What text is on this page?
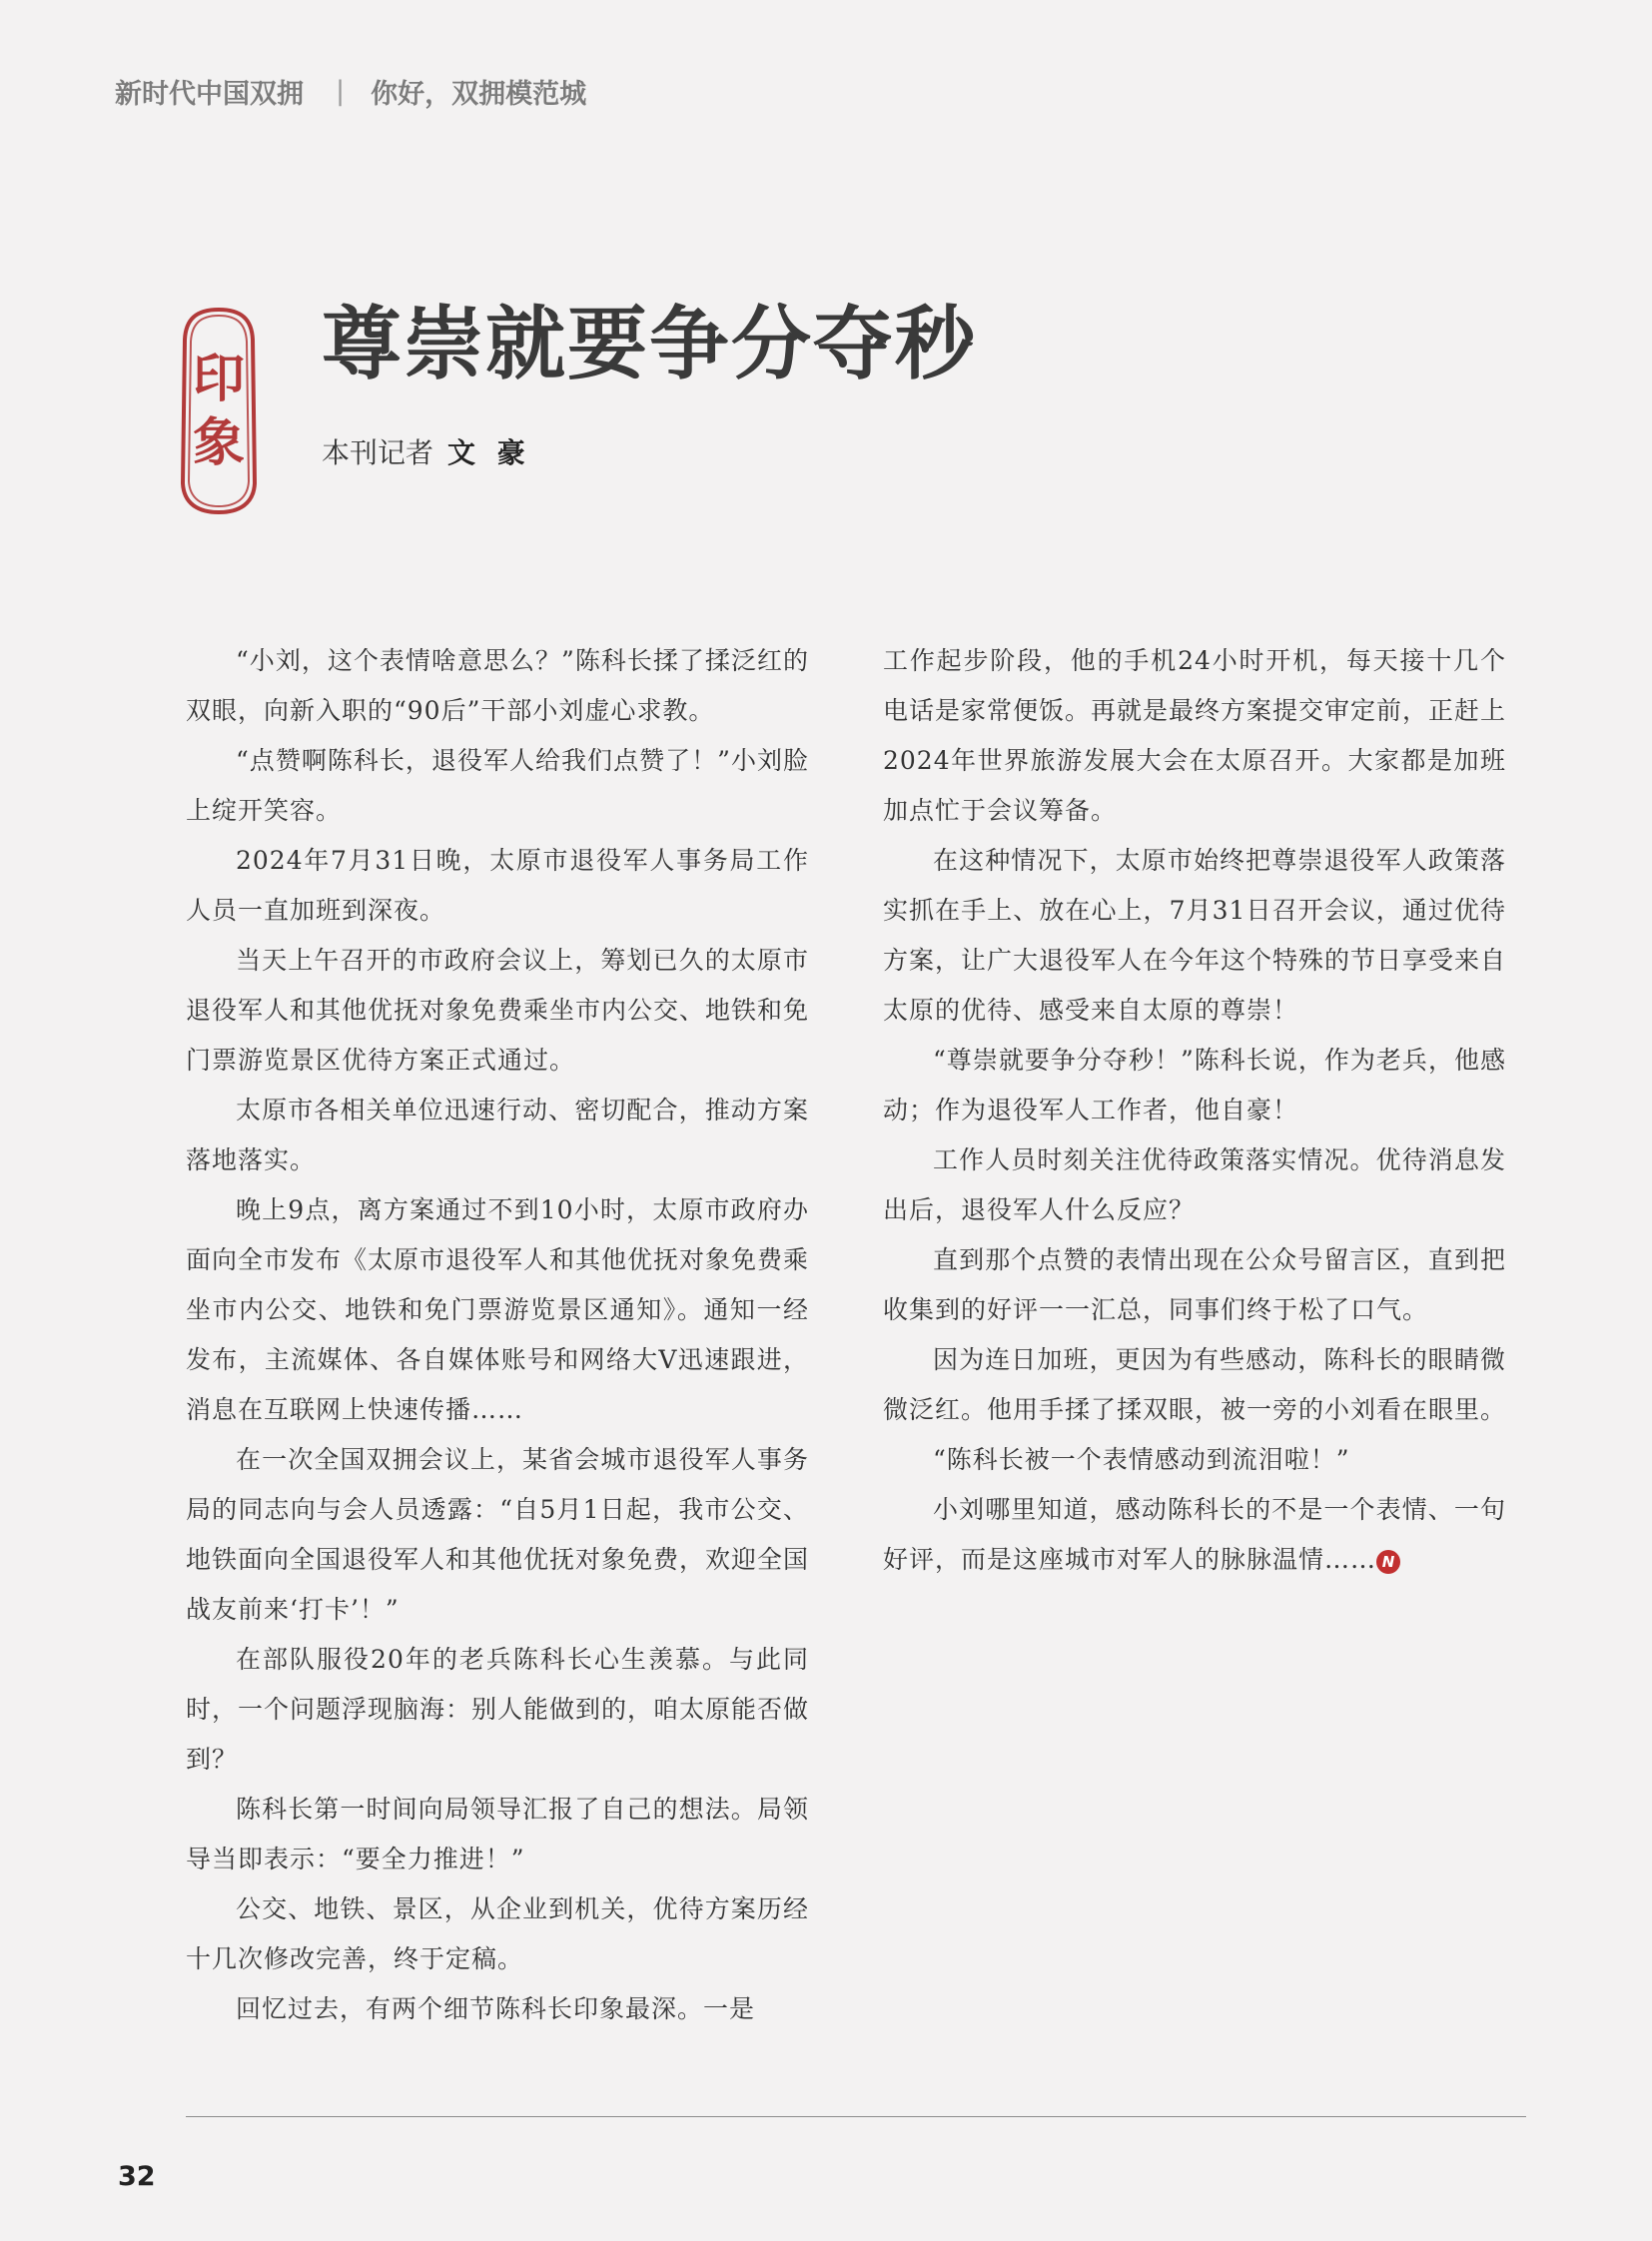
新时代中国双拥 | 你好，双拥模范城
印
象
尊崇就要争分夺秒
本刊记者 文 豪

“小刘，这个表情啥意思么？”陈科长揉了揉泛红的双眼，向新入职的“90后”干部小刘虚心求教。

“点赞啊陈科长，退役军人给我们点赞了！”小刘脸上绽开笑容。

2024年7月31日晚，太原市退役军人事务局工作人员一直加班到深夜。

当天上午召开的市政府会议上，筹划已久的太原市退役军人和其他优抚对象免费乘坐市内公交、地铁和免门票游览景区优待方案正式通过。

太原市各相关单位迅速行动、密切配合，推动方案落地落实。

晚上9点，离方案通过不到10小时，太原市政府办面向全市发布《太原市退役军人和其他优抚对象免费乘坐市内公交、地铁和免门票游览景区通知》。通知一经发布，主流媒体、各自媒体账号和网络大V迅速跟进，消息在互联网上快速传播……

在一次全国双拥会议上，某省会城市退役军人事务局的同志向与会人员透露：“自5月1日起，我市公交、地铁面向全国退役军人和其他优抚对象免费，欢迎全国战友前来‘打卡’！”

在部队服役20年的老兵陈科长心生羡慕。与此同时，一个问题浮现脑海：别人能做到的，咱太原能否做到？

陈科长第一时间向局领导汇报了自己的想法。局领导当即表示：“要全力推进！”

公交、地铁、景区，从企业到机关，优待方案历经十几次修改完善，终于定稿。

回忆过去，有两个细节陈科长印象最深。一是

工作起步阶段，他的手机24小时开机，每天接十几个电话是家常便饭。再就是最终方案提交审定前，正赶上2024年世界旅游发展大会在太原召开。大家都是加班加点忙于会议筹备。

在这种情况下，太原市始终把尊崇退役军人政策落实抓在手上、放在心上，7月31日召开会议，通过优待方案，让广大退役军人在今年这个特殊的节日享受来自太原的优待、感受来自太原的尊崇！

“尊崇就要争分夺秒！”陈科长说，作为老兵，他感动；作为退役军人工作者，他自豪！

工作人员时刻关注优待政策落实情况。优待消息发出后，退役军人什么反应？

直到那个点赞的表情出现在公众号留言区，直到把收集到的好评一一汇总，同事们终于松了口气。

因为连日加班，更因为有些感动，陈科长的眼睛微微泛红。他用手揉了揉双眼，被一旁的小刘看在眼里。

“陈科长被一个表情感动到流泪啦！”

小刘哪里知道，感动陈科长的不是一个表情、一句好评，而是这座城市对军人的脉脉温情…… N

32
